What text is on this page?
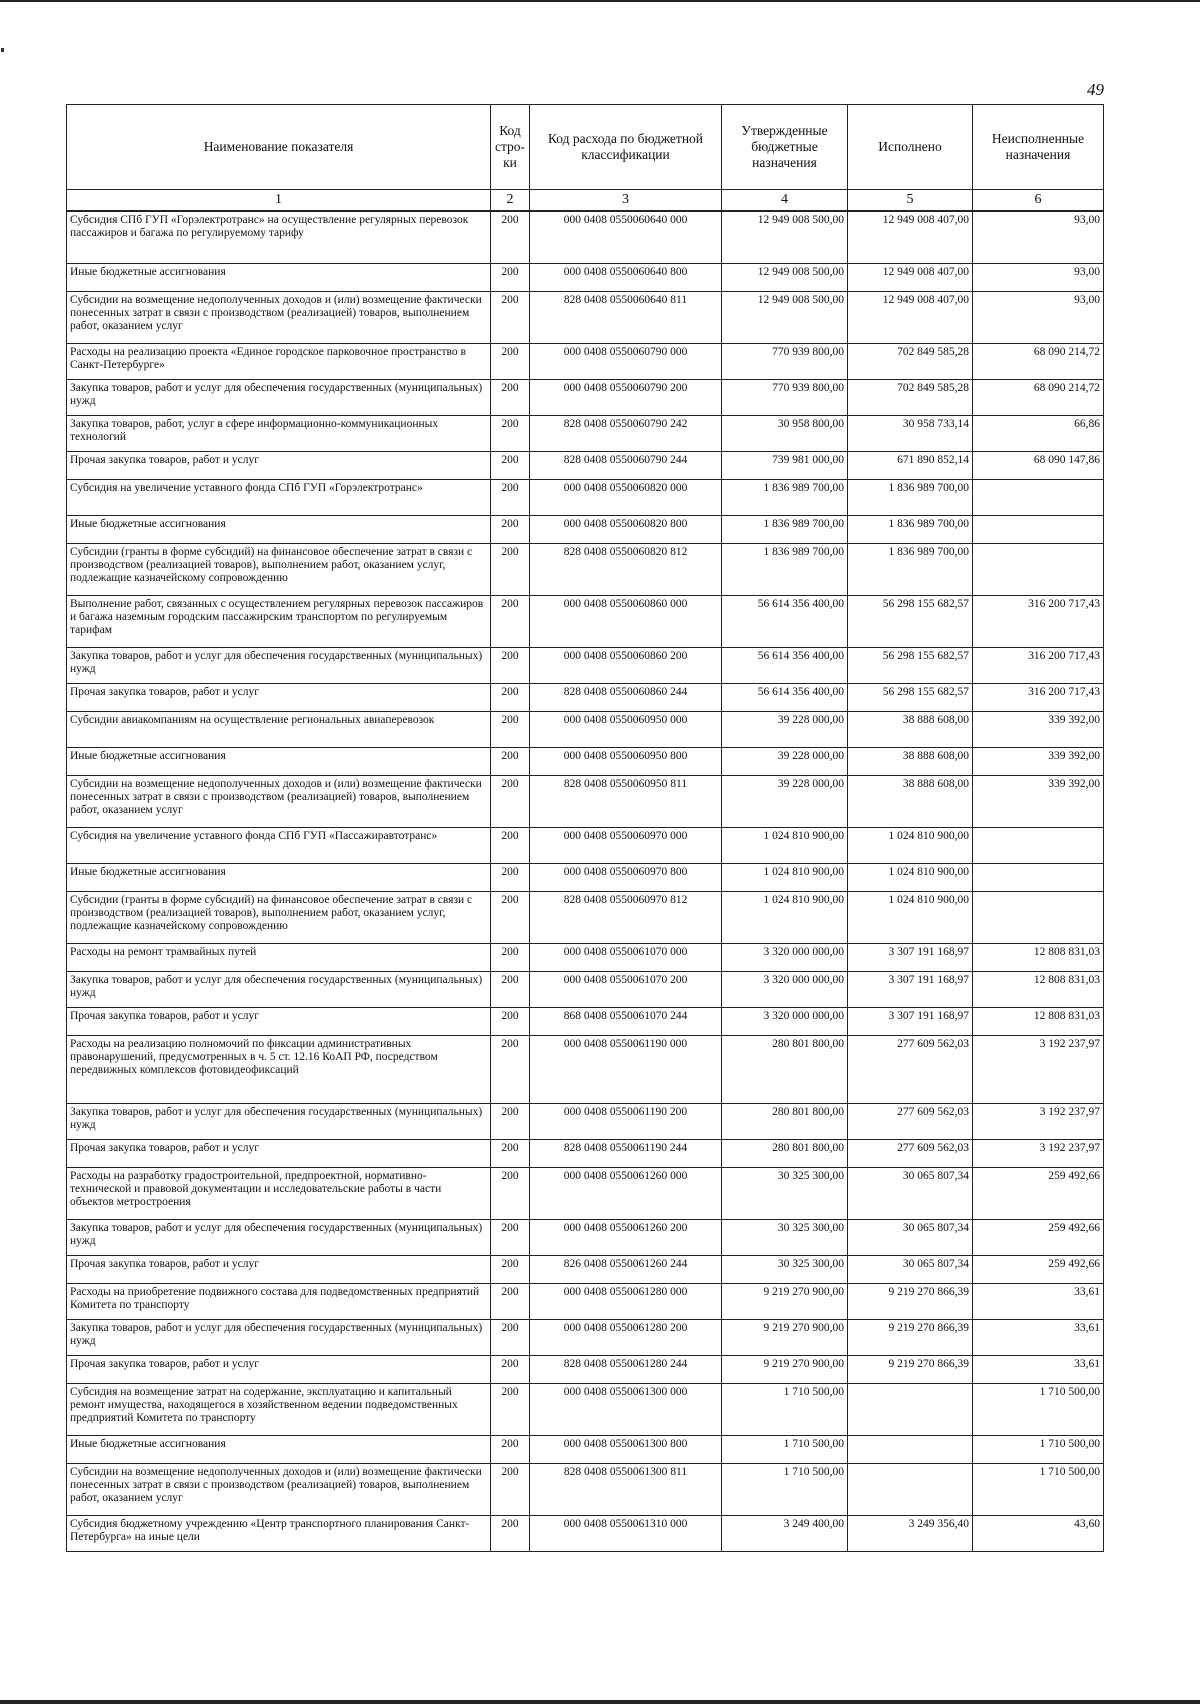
49
Наименование показателя	Код стро- ки	Код расхода по бюджетной классификации	Утвержденные бюджетные назначения	Исполнено	Неисполненные назначения
1	2	3	4	5	6
Субсидия СПб ГУП «Горэлектротранс» на осуществление регулярных перевозок пассажиров и багажа по регулируемому тарифу	200	000 0408 0550060640 000	12 949 008 500,00	12 949 008 407,00	93,00
Иные бюджетные ассигнования	200	000 0408 0550060640 800	12 949 008 500,00	12 949 008 407,00	93,00
Субсидии на возмещение недополученных доходов и (или) возмещение фактически понесенных затрат в связи с производством (реализацией) товаров, выполнением работ, оказанием услуг	200	828 0408 0550060640 811	12 949 008 500,00	12 949 008 407,00	93,00
Расходы на реализацию проекта «Единое городское парковочное пространство в Санкт-Петербурге»	200	000 0408 0550060790 000	770 939 800,00	702 849 585,28	68 090 214,72
Закупка товаров, работ и услуг для обеспечения государственных (муниципальных) нужд	200	000 0408 0550060790 200	770 939 800,00	702 849 585,28	68 090 214,72
Закупка товаров, работ, услуг в сфере информационно-коммуникационных технологий	200	828 0408 0550060790 242	30 958 800,00	30 958 733,14	66,86
Прочая закупка товаров, работ и услуг	200	828 0408 0550060790 244	739 981 000,00	671 890 852,14	68 090 147,86
Субсидия на увеличение уставного фонда СПб ГУП «Горэлектротранс»	200	000 0408 0550060820 000	1 836 989 700,00	1 836 989 700,00	
Иные бюджетные ассигнования	200	000 0408 0550060820 800	1 836 989 700,00	1 836 989 700,00	
Субсидии (гранты в форме субсидий) на финансовое обеспечение затрат в связи с производством (реализацией товаров), выполнением работ, оказанием услуг, подлежащие казначейскому сопровождению	200	828 0408 0550060820 812	1 836 989 700,00	1 836 989 700,00	
Выполнение работ, связанных с осуществлением регулярных перевозок пассажиров и багажа наземным городским пассажирским транспортом по регулируемым тарифам	200	000 0408 0550060860 000	56 614 356 400,00	56 298 155 682,57	316 200 717,43
Закупка товаров, работ и услуг для обеспечения государственных (муниципальных) нужд	200	000 0408 0550060860 200	56 614 356 400,00	56 298 155 682,57	316 200 717,43
Прочая закупка товаров, работ и услуг	200	828 0408 0550060860 244	56 614 356 400,00	56 298 155 682,57	316 200 717,43
Субсидии авиакомпаниям на осуществление региональных авиаперевозок	200	000 0408 0550060950 000	39 228 000,00	38 888 608,00	339 392,00
Иные бюджетные ассигнования	200	000 0408 0550060950 800	39 228 000,00	38 888 608,00	339 392,00
Субсидии на возмещение недополученных доходов и (или) возмещение фактически понесенных затрат в связи с производством (реализацией) товаров, выполнением работ, оказанием услуг	200	828 0408 0550060950 811	39 228 000,00	38 888 608,00	339 392,00
Субсидия на увеличение уставного фонда СПб ГУП «Пассажиравтотранс»	200	000 0408 0550060970 000	1 024 810 900,00	1 024 810 900,00	
Иные бюджетные ассигнования	200	000 0408 0550060970 800	1 024 810 900,00	1 024 810 900,00	
Субсидии (гранты в форме субсидий) на финансовое обеспечение затрат в связи с производством (реализацией товаров), выполнением работ, оказанием услуг, подлежащие казначейскому сопровождению	200	828 0408 0550060970 812	1 024 810 900,00	1 024 810 900,00	
Расходы на ремонт трамвайных путей	200	000 0408 0550061070 000	3 320 000 000,00	3 307 191 168,97	12 808 831,03
Закупка товаров, работ и услуг для обеспечения государственных (муниципальных) нужд	200	000 0408 0550061070 200	3 320 000 000,00	3 307 191 168,97	12 808 831,03
Прочая закупка товаров, работ и услуг	200	868 0408 0550061070 244	3 320 000 000,00	3 307 191 168,97	12 808 831,03
Расходы на реализацию полномочий по фиксации административных правонарушений, предусмотренных в ч. 5 ст. 12.16 КоАП РФ, посредством передвижных комплексов фотовидеофиксаций	200	000 0408 0550061190 000	280 801 800,00	277 609 562,03	3 192 237,97
Закупка товаров, работ и услуг для обеспечения государственных (муниципальных) нужд	200	000 0408 0550061190 200	280 801 800,00	277 609 562,03	3 192 237,97
Прочая закупка товаров, работ и услуг	200	828 0408 0550061190 244	280 801 800,00	277 609 562,03	3 192 237,97
Расходы на разработку градостроительной, предпроектной, нормативно-технической и правовой документации и исследовательские работы в части объектов метростроения	200	000 0408 0550061260 000	30 325 300,00	30 065 807,34	259 492,66
Закупка товаров, работ и услуг для обеспечения государственных (муниципальных) нужд	200	000 0408 0550061260 200	30 325 300,00	30 065 807,34	259 492,66
Прочая закупка товаров, работ и услуг	200	826 0408 0550061260 244	30 325 300,00	30 065 807,34	259 492,66
Расходы на приобретение подвижного состава для подведомственных предприятий Комитета по транспорту	200	000 0408 0550061280 000	9 219 270 900,00	9 219 270 866,39	33,61
Закупка товаров, работ и услуг для обеспечения государственных (муниципальных) нужд	200	000 0408 0550061280 200	9 219 270 900,00	9 219 270 866,39	33,61
Прочая закупка товаров, работ и услуг	200	828 0408 0550061280 244	9 219 270 900,00	9 219 270 866,39	33,61
Субсидия на возмещение затрат на содержание, эксплуатацию и капитальный ремонт имущества, находящегося в хозяйственном ведении подведомственных предприятий Комитета по транспорту	200	000 0408 0550061300 000	1 710 500,00		1 710 500,00
Иные бюджетные ассигнования	200	000 0408 0550061300 800	1 710 500,00		1 710 500,00
Субсидии на возмещение недополученных доходов и (или) возмещение фактически понесенных затрат в связи с производством (реализацией) товаров, выполнением работ, оказанием услуг	200	828 0408 0550061300 811	1 710 500,00		1 710 500,00
Субсидия бюджетному учреждению «Центр транспортного планирования Санкт-Петербурга» на иные цели	200	000 0408 0550061310 000	3 249 400,00	3 249 356,40	43,60
